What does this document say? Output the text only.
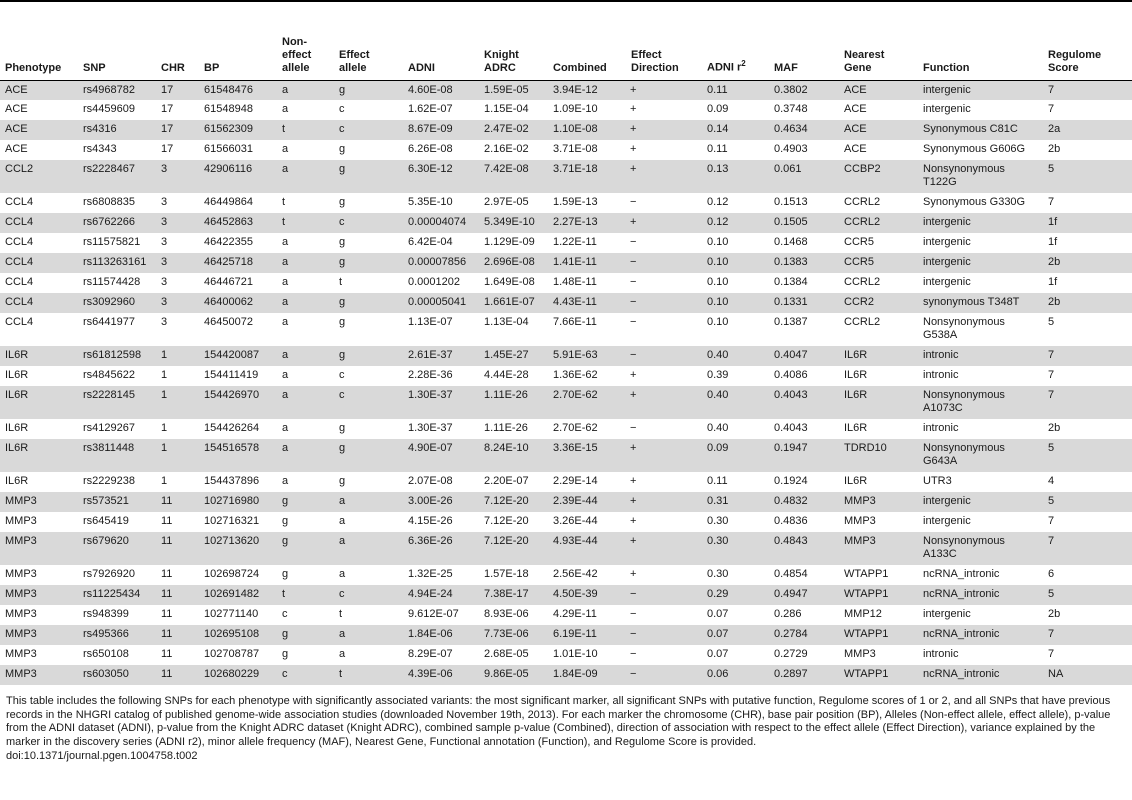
Phenotype	SNP	CHR	BP	Non-effect allele	Effect allele	ADNI	Knight ADRC	Combined	Effect Direction	ADNI $r^2$	MAF	Nearest Gene	Function	Regulome Score
ACE	rs4968782	17	61548476	a	g	4.60E-08	1.59E-05	3.94E-12	+	0.11	0.3802	ACE	intergenic	7
ACE	rs4459609	17	61548948	a	c	1.62E-07	1.15E-04	1.09E-10	+	0.09	0.3748	ACE	intergenic	7
ACE	rs4316	17	61562309	t	c	8.67E-09	2.47E-02	1.10E-08	+	0.14	0.4634	ACE	Synonymous C81C	2a
ACE	rs4343	17	61566031	a	g	6.26E-08	2.16E-02	3.71E-08	+	0.11	0.4903	ACE	Synonymous G606G	2b
CCL2	rs2228467	3	42906116	a	g	6.30E-12	7.42E-08	3.71E-18	+	0.13	0.061	CCBP2	Nonsynonymous T122G	5
CCL4	rs6808835	3	46449864	t	g	5.35E-10	2.97E-05	1.59E-13	−	0.12	0.1513	CCRL2	Synonymous G330G	7
CCL4	rs6762266	3	46452863	t	c	0.00004074	5.349E-10	2.27E-13	+	0.12	0.1505	CCRL2	intergenic	1f
CCL4	rs11575821	3	46422355	a	g	6.42E-04	1.129E-09	1.22E-11	−	0.10	0.1468	CCR5	intergenic	1f
CCL4	rs113263161	3	46425718	a	g	0.00007856	2.696E-08	1.41E-11	−	0.10	0.1383	CCR5	intergenic	2b
CCL4	rs11574428	3	46446721	a	t	0.0001202	1.649E-08	1.48E-11	−	0.10	0.1384	CCRL2	intergenic	1f
CCL4	rs3092960	3	46400062	a	g	0.00005041	1.661E-07	4.43E-11	−	0.10	0.1331	CCR2	synonymous T348T	2b
CCL4	rs6441977	3	46450072	a	g	1.13E-07	1.13E-04	7.66E-11	−	0.10	0.1387	CCRL2	Nonsynonymous G538A	5
IL6R	rs61812598	1	154420087	a	g	2.61E-37	1.45E-27	5.91E-63	−	0.40	0.4047	IL6R	intronic	7
IL6R	rs4845622	1	154411419	a	c	2.28E-36	4.44E-28	1.36E-62	+	0.39	0.4086	IL6R	intronic	7
IL6R	rs2228145	1	154426970	a	c	1.30E-37	1.11E-26	2.70E-62	+	0.40	0.4043	IL6R	Nonsynonymous A1073C	7
IL6R	rs4129267	1	154426264	a	g	1.30E-37	1.11E-26	2.70E-62	−	0.40	0.4043	IL6R	intronic	2b
IL6R	rs3811448	1	154516578	a	g	4.90E-07	8.24E-10	3.36E-15	+	0.09	0.1947	TDRD10	Nonsynonymous G643A	5
IL6R	rs2229238	1	154437896	a	g	2.07E-08	2.20E-07	2.29E-14	+	0.11	0.1924	IL6R	UTR3	4
MMP3	rs573521	11	102716980	g	a	3.00E-26	7.12E-20	2.39E-44	+	0.31	0.4832	MMP3	intergenic	5
MMP3	rs645419	11	102716321	g	a	4.15E-26	7.12E-20	3.26E-44	+	0.30	0.4836	MMP3	intergenic	7
MMP3	rs679620	11	102713620	g	a	6.36E-26	7.12E-20	4.93E-44	+	0.30	0.4843	MMP3	Nonsynonymous A133C	7
MMP3	rs7926920	11	102698724	g	a	1.32E-25	1.57E-18	2.56E-42	+	0.30	0.4854	WTAPP1	ncRNA_intronic	6
MMP3	rs11225434	11	102691482	t	c	4.94E-24	7.38E-17	4.50E-39	−	0.29	0.4947	WTAPP1	ncRNA_intronic	5
MMP3	rs948399	11	102771140	c	t	9.612E-07	8.93E-06	4.29E-11	−	0.07	0.286	MMP12	intergenic	2b
MMP3	rs495366	11	102695108	g	a	1.84E-06	7.73E-06	6.19E-11	−	0.07	0.2784	WTAPP1	ncRNA_intronic	7
MMP3	rs650108	11	102708787	g	a	8.29E-07	2.68E-05	1.01E-10	−	0.07	0.2729	MMP3	intronic	7
MMP3	rs603050	11	102680229	c	t	4.39E-06	9.86E-05	1.84E-09	−	0.06	0.2897	WTAPP1	ncRNA_intronic	NA
This table includes the following SNPs for each phenotype with significantly associated variants: the most significant marker, all significant SNPs with putative function, Regulome scores of 1 or 2, and all SNPs that have previous records in the NHGRI catalog of published genome-wide association studies (downloaded November 19th, 2013). For each marker the chromosome (CHR), base pair position (BP), Alleles (Non-effect allele, effect allele), p-value from the ADNI dataset (ADNI), p-value from the Knight ADRC dataset (Knight ADRC), combined sample p-value (Combined), direction of association with respect to the effect allele (Effect Direction), variance explained by the marker in the discovery series (ADNI r2), minor allele frequency (MAF), Nearest Gene, Functional annotation (Function), and Regulome Score is provided.
doi:10.1371/journal.pgen.1004758.t002
